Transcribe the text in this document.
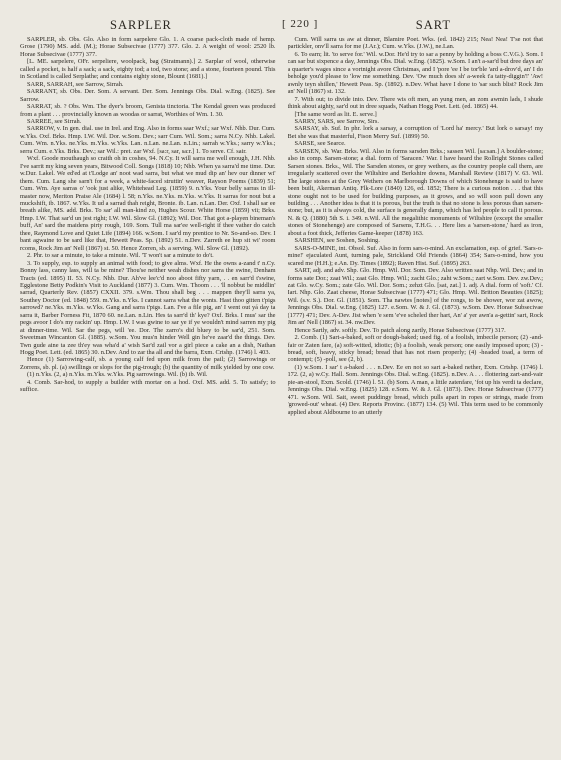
SARPLER	[ 220 ]	SART

SARPLER, sb. Obs. Glo. Also in form sarpelere Glo. 1. A coarse pack-cloth made of hemp. Grose (1790) MS. add. (M.); Horae Subsecivae (1777) 377. Glo. 2. A weight of wool: 2520 lb. Horae Subsecivae (1777) 377.

[L. ME. sarpelere, OFr. serpeliere, woolpack, bag (Stratmann).] 2. Sarplar of wool, otherwise called a pocket, is half a sack; a sack, eighty tod; a tod, two stone; and a stone, fourteen pound. This in Scotland is called Serplathe; and contains eighty stone, Blount (1681).]

SARR, SARRAH, see Sarrow, Sirrah.

SARRANT, sb. Obs. Der. Som. A servant. Der. Som. Jennings Obs. Dial. w.Eng. (1825). See Sarrow.

SARRAT, sb. ? Obs. Wm. The dyer's broom, Genista tinctoria. The Kendal green was produced from a plant . . . provincially known as woodas or sarrat, Worthies of Wm. I. 30.

SARREE, see Sirrah.

SARROW, v. In gen. dial. use in Irel. and Eng. Also in forms saar Wxf.; sar Wxf. Nhb. Dur. Cum. w.Yks. Oxf. Brks. Hmp. I.W. Wil. Dor. w.Som. Dev.; sarr Cum. Wil. Som.; sarra N.Cy. Nhb. Lakel. Cum. Wm. n.Yks. ne.Yks. m.Yks. w.Yks. Lan. n.Lan. ne.Lan. n.Lin.; sarrah w.Yks.; sarry w.Yks.; serra Cum. e.Yks. Brks. Dev.; sar Wil.: pret. zar Wxf. [sa:r, sar, sa:r.] 1. To serve. Cf. sair.

Wxf. Goode mouthaugh so craith oh in coshes, 94. N.Cy. It will sarra me well enough, J.H. Nhb. I've sarrit my king seven years, Bitwood Coll. Songs (1818) 10; Nhb. When ya sarra'd me time. Dur. w.Dur. Lakel. We ed'ed at t'Lodge an' noot wad sarra, but what we mud dip an' hev our dinner wi' them. Cum. Lang she sarn't for a week, a white-faced struttin' weaver, Rayson Poems (1839) 51; Cum. Wm. Aye sarras o' 'ook just alike, Whitehead Leg. (1859) 9. n.Yks. Your belly sarras in ill-master now, Meriton Praise Ale (1684) l. 58; n.Yks. ne.Yks. m.Yks. w.Yks. It sarras for nout but a muckshift, ib. 1867. w.Yks. It ud a sarrad thah reight, Bronte. ib. Lan. n.Lan. Der. Oxf. I shall sar ee breath alike, MS. add. Brks. To sar' all man-kind zo, Hughes Scour. White Horse (1859) vii; Brks. Hmp. I.W. That sar'd un jest right; I.W. Wil. Slow Gl. (1892); Wil. Dor. That got a-playen bineman's buff, An' sard the maidens pirty rough, 169. Som. Tull ma sar'ee well-right if thee vather do catch thee, Raymond Love and Quiet Life (1894) 166. w.Som. I sar'd my prentice to Nr. So-and-so. Dev. I bant agwaine to be sard like that, Hewett Peas. Sp. (1892) 51. n.Dev. Zarreth ee hup sit wi' room rcoms, Rock Jim an' Nell (1867) st. 50. Hence Zorren, sb. a serving. Wil. Slow Gl. (1892).

2. Phr. to sar a minute, to take a minute. Wil. 'T won't sar a minute to do't.

3. To supply, esp. to supply an animal with food; to give alms. Wxf. He the owns a-zand t' n.Cy. Bonny lass, canny lass, will ta be mine? Thou'se neither weah dishes nor sarra the swine, Denham Tracts (ed. 1895) II. 53. N.Cy. Nhb. Dur. Ah've lee'c'd noo aboot fifty yarn, . . en sarr'd t'swine, Egglestone Betty Podkin's Visit to Auckland (1877) 3. Cum. Wm. Thoom . . . 'll nobbut be middlin' sarrad, Quarterly Rev. (1857) CXXII. 379. s.Wm. Thou shall beg . . . mappen they'll sarra ya, Southey Doctor (ed. 1848) 559. m.Yks. n.Yks. I cannot sarra what the wonts. Hast thoo gitten t'pigs sarrowd? ne.Yks. m.Yks. w.Yks. Gang and sarra t'pigs. Lan. I've a file pig, an' I went out yá day ta sarra it, Barber Forness Fit, 1870 60. ne.Lan. n.Lin. Hes ta sarr'd th' kye? Oxf. Brks. I mus' sar the pegs avoor I do's my rackin' up. Hmp. I.W. I was gwine to sar ye if ye wouldn't mind sarren my pig at dinner-time. Wil. Sar the pegs, will 'ee. Dor. The zarro's did bluey to be sar'd, 251. Som. Sweetman Wincanton Gl. (1885). w.Som. You mus'n hinder Well gin he've zaar'd the things. Dev. Twn gude aine ta zee th'ey was wha'd a' wish Sar'd zail vor a girl piece a cake an a dish, Nathan Hogg Poet. Lett. (ed. 1865) 30. n.Dev. And to zar tha all and the barra, Exm. Crtshp. (1746) l. 403.

Hence (1) Sarrowing-calf, sb. a young calf fed upon milk from the pail; (2) Sarrowings or Zorrens, sb. pl. (a) swillings or slops for the pig-trough; (b) the quantity of milk yielded by one cow.

(1) n.Yks. (2, a) n.Yks. m.Yks. w.Yks. Pig sarrowings. Wil. (b) ib. Wil.

4. Comb. Sar-hod, to supply a builder with mortar on a hod. Oxf. MS. add. 5. To satisfy; to suffice.

Cum. Will sarra us aw at dinner, Blamire Poet. Wks. (ed. 1842) 215; Nea! Nea! T'se not that partickler, onv'll sarra for me (J.Ar.); Cum. w.Yks. (J.W.), ne.Lan.

6. To earn; lit. 'to serve for.' Wil. w.Dor. He'd try to sar a penny by holding a boss C.V.G.). Som. I can sar but sixpence a day, Jennings Obs. Dial. w.Eng. (1825). w.Som. I an't a-sar'd but dree days an' a quarter's wages since a vortnight avore Christmas, and I 'pore 'ee I be tor'ble 'ard a-drov'd, an' I do beholge you'd please to 'low me something. Dev. 'Ow much does sh' a-week t'a tatty-diggin'!' 'Aw! awnly teyn shillen,' Hewett Peas. Sp. (1892). n.Dev. What have I done to 'sar such blist? Rock Jim an' Nell (1867) st. 132.

7. With out; to divide into. Dev. There wis oft men, an yung men, an zom awmin lads, I shude think about aighty, sar'd out in dree squads, Nathan Hogg Poet. Lett. (ed. 1865) 44.

[The same word as lit. E. serve.]

SARRY, SARS, see Sarrow, Sirs.

SARSAY, sb. Suf. In phr. lork a sarsay, a corruption of 'Lord ha' mercy.' But lork o sarsay! my Bet she was that masterful, Fison Merry Suf. (1899) 50.

SARSE, see Searce.

SARSEN, sb. War. Brks. Wil. Also in forms sarsden Brks.; sassen Wil. [sa:san.] A boulder-stone; also in comp. Sarsen-stone; a dial. form of 'Saracen.' War. I have heard the Rollright Stones called Sarsen stones. Brks., Wil. The Sarsden stones, or grey wethers, as the country people call them, are irregularly scattered over the Wiltshire and Berkshire downs, Marshall Review (1817) V. 63. Wil. The large stones at the Grey Wethers on Marlborough Downs of which Stonehenge is said to have been built, Akerman Antiq. Flk-Lore (1840) 126, ed. 1852; There is a curious notion . . . that this stone ought not to be used for building purposes, as it grows, and so will soon pull down any building . . . Another idea is that it is porous, but the truth is that no stone is less porous than sarsen-stone; but, as it is always cold, the surface is generally damp, which has led people to call it porous. N. & Q. (1880) 5th S. i. 349. n.Wil. All the megalithic monuments of Wiltshire (except the smaller stones of Stonehenge) are composed of Sarsens, T.H.G. . . Here lies a 'sarsen-stone,' hard as iron, about a foot thick, Jefferies Game-keeper (1878) 163.

SARSHEN, see Soshen, Soshing.

SARS-O-MINE, int. Obsol. Suf. Also in form sars-o-mind. An exclamation, esp. of grief. 'Sars-o-mine!' ejaculated Aunt, turning pale, Strickland Old Friends (1864) 354; Sars-o-mind, how you scared me (H.H.); e.An. Dy. Times (1892); Raven Hist. Suf. (1895) 263.

SART, adj. and adv. Shp. Glo. Hmp. Wil. Dor. Som. Dev. Also written saat Nhp. Wil. Dev.; and in forms sate Dor.; zaat Wil.; zaat Glo. Hmp. Wil.; zacht Glo.; zaht w.Som.; zart w.Som. Dev. zw.Dev.; zat Glo. w.Cy. Som.; zate Glo. Wil. Dor. Som.; zehzt Glo. [sat, zat.] 1. adj. A dial. form of 'soft.' Cf. Iart. Nhp. Glo. Zaat cheese, Horae Subsecivae (1777) 471; Glo. Hmp. Wil. Britton Beauties (1825); Wil. (s.v. S.). Dor. Gl. (1851). Som. Tha nawtes [notes] of the rongs, to be shower, wor zat awow, Jennings Obs. Dial. w.Eng. (1825) 127. e.Som. W. & J. Gl. (1873). w.Som. Dev. Horae Subsecivae (1777) 471; Dev. A-Dev. Jist when 'e sem 'e've scheled ther hart, An' a' yer awn'a a-gettin' sart, Rock Jim an' Nell (1867) st. 34. nw.Dev.

Hence Sartly, adv. softly. Dev. To patch along zartly, Horae Subsecivae (1777) 317.

2. Comb. (1) Sart-a-baked, soft or dough-baked; used fig. of a foolish, imbecile person; (2) -and-fair or Zaten fare, (a) soft-witted, idiotic; (b) a foolish, weak person; one easily imposed upon; (3) -bread, soft, heavy, sticky bread; bread that has not risen properly; (4) -headed toad, a term of contempt; (5) -poll, see (2, b).

(1) w.Som. I sar' t a-baked . . . n.Dev. Ee en not so sart a-baked nether, Exm. Crtshp. (1746) l. 172. (2, a) w.Cy. Hall. Som. Jennings Obs. Dial. w.Eng. (1825). n.Dev. A . . . flottering zart-and-vair pie-an-stool, Exm. Scold. (1746) l. 51. (b) Som. A man, a little zatenfare, 'fot up his verdi ta declare, Jennings Obs. Dial. w.Eng. (1825) 128. e.Som. W. & J. Gl. (1873). Dev. Horae Subsecivae (1777) 471. w.Som. Wil. Sait, sweet puddingy bread, which pulls apart in ropes or strings, made from 'growed-out' wheat. (4) Dev. Reports Provinc. (1877) 134. (5) Wil. This term used to be commonly applied about Aldbourne to an utterly
